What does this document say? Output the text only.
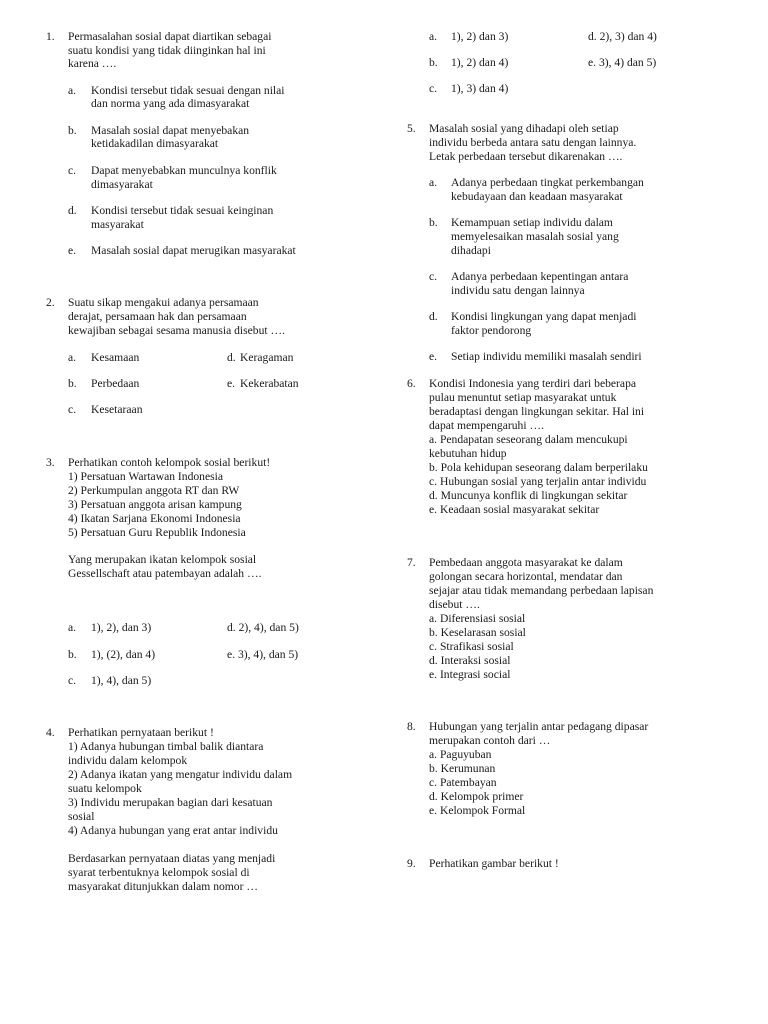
1. Permasalahan sosial dapat diartikan sebagai
suatu kondisi yang tidak diinginkan hal ini
karena ….
a. Kondisi tersebut tidak sesuai dengan nilai
dan norma yang ada dimasyarakat
b. Masalah sosial dapat menyebakan
ketidakadilan dimasyarakat
c. Dapat menyebabkan munculnya konflik
dimasyarakat
d. Kondisi tersebut tidak sesuai keinginan
masyarakat
e. Masalah sosial dapat merugikan masyarakat
2. Suatu sikap mengakui adanya persamaan
derajat, persamaan hak dan persamaan
kewajiban sebagai sesama manusia disebut ….
a. Kesamaan	d. Keragaman
b. Perbedaan	e. Kekerabatan
c. Kesetaraan
3. Perhatikan contoh kelompok sosial berikut!
1) Persatuan Wartawan Indonesia
2) Perkumpulan anggota RT dan RW
3) Persatuan anggota arisan kampung
4) Ikatan Sarjana Ekonomi Indonesia
5) Persatuan Guru Republik Indonesia
Yang merupakan ikatan kelompok sosial
Gessellschaft atau patembayan adalah ….
a. 1), 2), dan 3)	d. 2), 4), dan 5)
b. 1), (2), dan 4)	e. 3), 4), dan 5)
c. 1), 4), dan 5)
4. Perhatikan pernyataan berikut !
1) Adanya hubungan timbal balik diantara
individu dalam kelompok
2) Adanya ikatan yang mengatur individu dalam
suatu kelompok
3) Individu merupakan bagian dari kesatuan
sosial
4) Adanya hubungan yang erat antar individu
Berdasarkan pernyataan diatas yang menjadi
syarat terbentuknya kelompok sosial di
masyarakat ditunjukkan dalam nomor …
a. 1), 2) dan 3)	d. 2), 3) dan 4)
b. 1), 2) dan 4)	e. 3), 4) dan 5)
c. 1), 3) dan 4)
5. Masalah sosial yang dihadapi oleh setiap
individu berbeda antara satu dengan lainnya.
Letak perbedaan tersebut dikarenakan ….
a. Adanya perbedaan tingkat perkembangan
kebudayaan dan keadaan masyarakat
b. Kemampuan setiap individu dalam
memyelesaikan masalah sosial yang
dihadapi
c. Adanya perbedaan kepentingan antara
individu satu dengan lainnya
d. Kondisi lingkungan yang dapat menjadi
faktor pendorong
e. Setiap individu memiliki masalah sendiri
6. Kondisi Indonesia yang terdiri dari beberapa
pulau menuntut setiap masyarakat untuk
beradaptasi dengan lingkungan sekitar. Hal ini
dapat mempengaruhi ….
a. Pendapatan seseorang dalam mencukupi
kebutuhan hidup
b. Pola kehidupan seseorang dalam berperilaku
c. Hubungan sosial yang terjalin antar individu
d. Muncunya konflik di lingkungan sekitar
e. Keadaan sosial masyarakat sekitar
7. Pembedaan anggota masyarakat ke dalam
golongan secara horizontal, mendatar dan
sejajar atau tidak memandang perbedaan lapisan
disebut ….
a. Diferensiasi sosial
b. Keselarasan sosial
c. Strafikasi sosial
d. Interaksi sosial
e. Integrasi social
8. Hubungan yang terjalin antar pedagang dipasar
merupakan contoh dari …
a. Paguyuban
b. Kerumunan
c. Patembayan
d. Kelompok primer
e. Kelompok Formal
9. Perhatikan gambar berikut !
